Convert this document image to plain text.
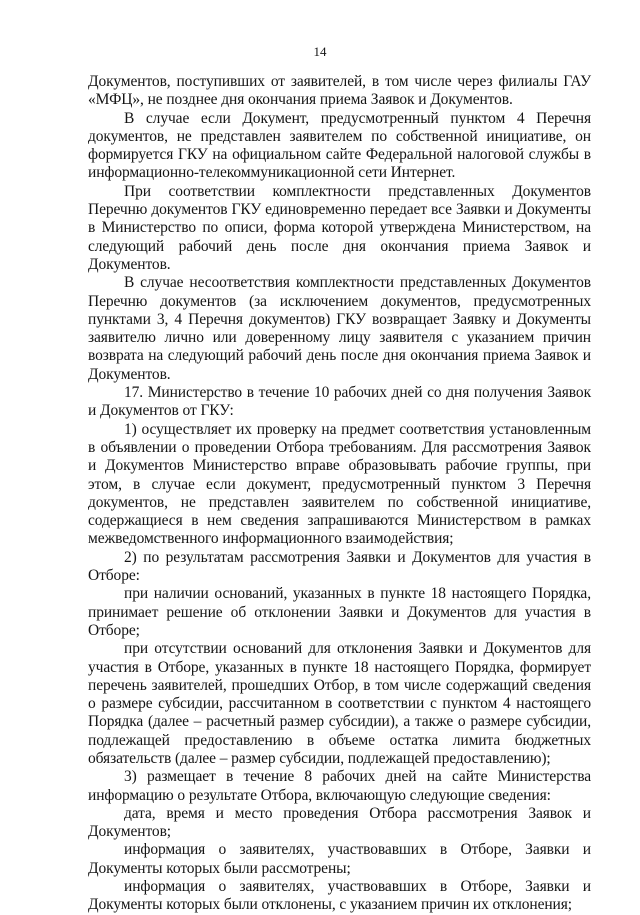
14

Документов, поступивших от заявителей, в том числе через филиалы ГАУ «МФЦ», не позднее дня окончания приема Заявок и Документов.

В случае если Документ, предусмотренный пунктом 4 Перечня документов, не представлен заявителем по собственной инициативе, он формируется ГКУ на официальном сайте Федеральной налоговой службы в информационно-телекоммуникационной сети Интернет.

При соответствии комплектности представленных Документов Перечню документов ГКУ единовременно передает все Заявки и Документы в Министерство по описи, форма которой утверждена Министерством, на следующий рабочий день после дня окончания приема Заявок и Документов.

В случае несоответствия комплектности представленных Документов Перечню документов (за исключением документов, предусмотренных пунктами 3, 4 Перечня документов) ГКУ возвращает Заявку и Документы заявителю лично или доверенному лицу заявителя с указанием причин возврата на следующий рабочий день после дня окончания приема Заявок и Документов.

17. Министерство в течение 10 рабочих дней со дня получения Заявок и Документов от ГКУ:

1) осуществляет их проверку на предмет соответствия установленным в объявлении о проведении Отбора требованиям. Для рассмотрения Заявок и Документов Министерство вправе образовывать рабочие группы, при этом, в случае если документ, предусмотренный пунктом 3 Перечня документов, не представлен заявителем по собственной инициативе, содержащиеся в нем сведения запрашиваются Министерством в рамках межведомственного информационного взаимодействия;

2) по результатам рассмотрения Заявки и Документов для участия в Отборе:

при наличии оснований, указанных в пункте 18 настоящего Порядка, принимает решение об отклонении Заявки и Документов для участия в Отборе;

при отсутствии оснований для отклонения Заявки и Документов для участия в Отборе, указанных в пункте 18 настоящего Порядка, формирует перечень заявителей, прошедших Отбор, в том числе содержащий сведения о размере субсидии, рассчитанном в соответствии с пунктом 4 настоящего Порядка (далее – расчетный размер субсидии), а также о размере субсидии, подлежащей предоставлению в объеме остатка лимита бюджетных обязательств (далее – размер субсидии, подлежащей предоставлению);

3) размещает в течение 8 рабочих дней на сайте Министерства информацию о результате Отбора, включающую следующие сведения:

дата, время и место проведения Отбора рассмотрения Заявок и Документов;

информация о заявителях, участвовавших в Отборе, Заявки и Документы которых были рассмотрены;

информация о заявителях, участвовавших в Отборе, Заявки и Документы которых были отклонены, с указанием причин их отклонения;
